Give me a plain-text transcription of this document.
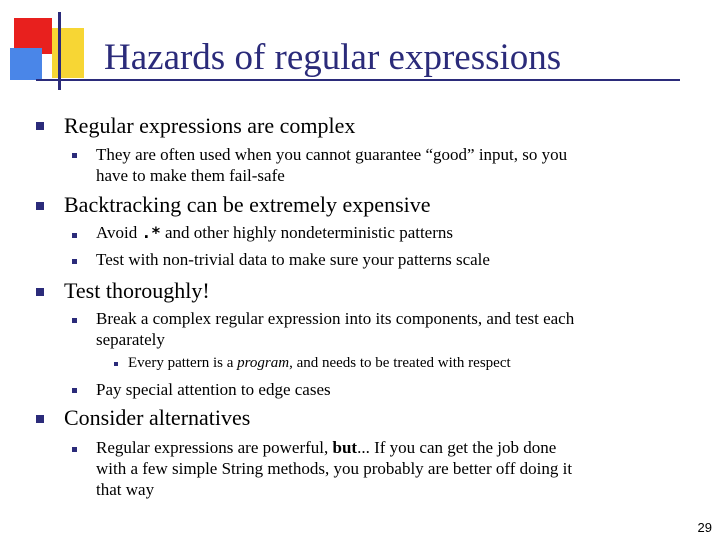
Hazards of regular expressions
Regular expressions are complex
They are often used when you cannot guarantee “good” input, so you
have to make them fail-safe
Backtracking can be extremely expensive
Avoid .* and other highly nondeterministic patterns
Test with non-trivial data to make sure your patterns scale
Test thoroughly!
Break a complex regular expression into its components, and test each
separately
Every pattern is a program, and needs to be treated with respect
Pay special attention to edge cases
Consider alternatives
Regular expressions are powerful, but... If you can get the job done
with a few simple String methods, you probably are better off doing it
that way
29
